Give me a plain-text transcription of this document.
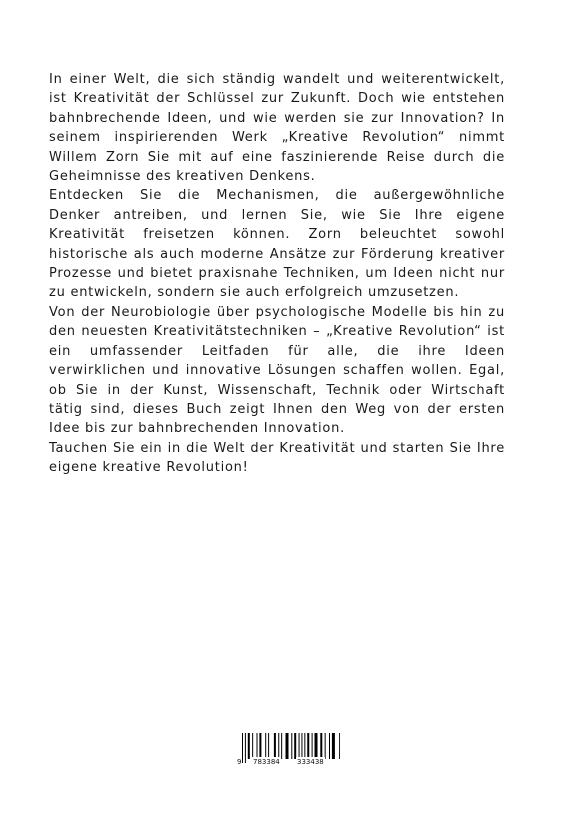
In einer Welt, die sich ständig wandelt und weiterentwickelt, ist Kreativität der Schlüssel zur Zukunft. Doch wie entstehen bahnbrechende Ideen, und wie werden sie zur Innovation? In seinem inspirierenden Werk „Kreative Revolution“ nimmt Willem Zorn Sie mit auf eine faszinierende Reise durch die Geheimnisse des kreativen Denkens.

Entdecken Sie die Mechanismen, die außergewöhnliche Denker antreiben, und lernen Sie, wie Sie Ihre eigene Kreativität freisetzen können. Zorn beleuchtet sowohl historische als auch moderne Ansätze zur Förderung kreativer Prozesse und bietet praxisnahe Techniken, um Ideen nicht nur zu entwickeln, sondern sie auch erfolgreich umzusetzen.

Von der Neurobiologie über psychologische Modelle bis hin zu den neuesten Kreativitätstechniken – „Kreative Revolution“ ist ein umfassender Leitfaden für alle, die ihre Ideen verwirklichen und innovative Lösungen schaffen wollen. Egal, ob Sie in der Kunst, Wissenschaft, Technik oder Wirtschaft tätig sind, dieses Buch zeigt Ihnen den Weg von der ersten Idee bis zur bahnbrechenden Innovation.

Tauchen Sie ein in die Welt der Kreativität und starten Sie Ihre eigene kreative Revolution!

9 783384 333438
